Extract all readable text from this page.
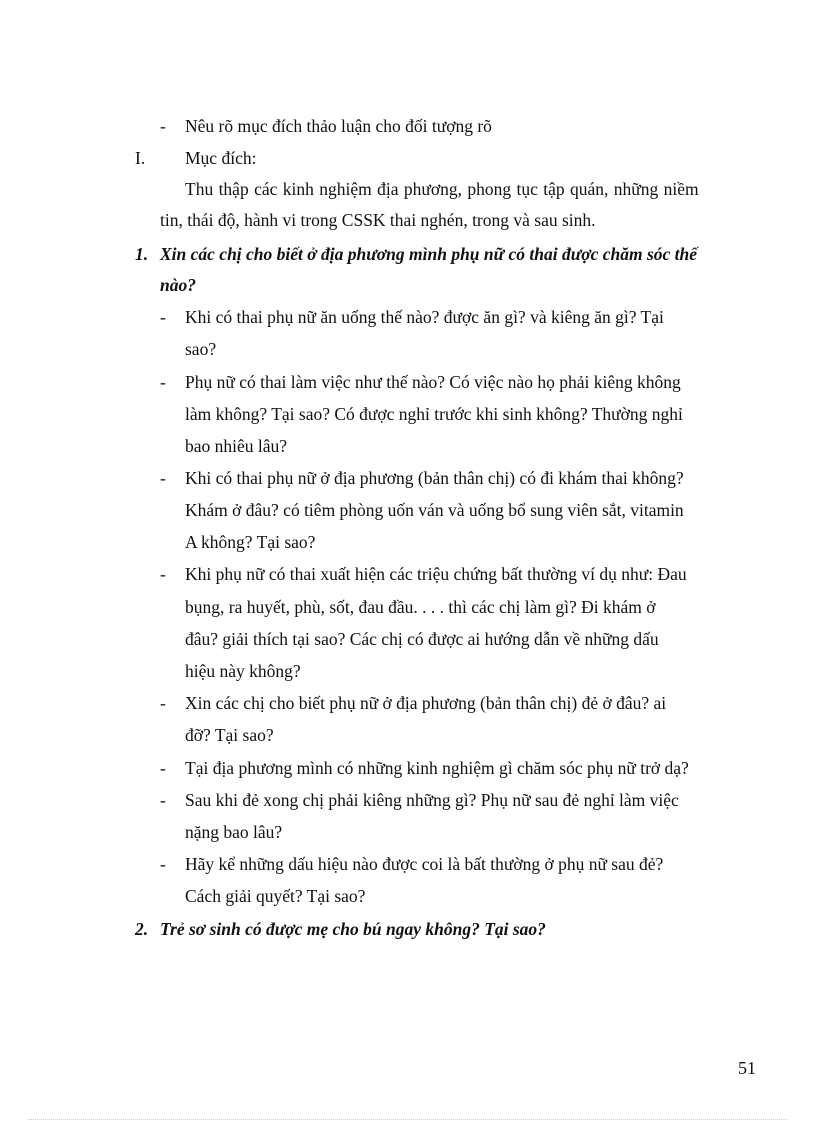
- Nêu rõ mục đích thảo luận cho đối tượng rõ
I. Mục đích:
Thu thập các kinh nghiệm địa phương, phong tục tập quán, những niềm
tin, thái độ, hành vi trong CSSK thai nghén, trong và sau sinh.
1. Xin các chị cho biết ở địa phương mình phụ nữ có thai được chăm sóc thế
nào?
- Khi có thai phụ nữ ăn uống thế nào? được ăn gì? và kiêng ăn gì? Tại
sao?
- Phụ nữ có thai làm việc như thế nào? Có việc nào họ phải kiêng không
làm không? Tại sao? Có được nghỉ trước khi sinh không? Thường nghỉ
bao nhiêu lâu?
- Khi có thai phụ nữ ở địa phương (bản thân chị) có đi khám thai không?
Khám ở đâu? có tiêm phòng uốn ván và uống bổ sung viên sắt, vitamin
A không? Tại sao?
- Khi phụ nữ có thai xuất hiện các triệu chứng bất thường ví dụ như: Đau
bụng, ra huyết, phù, sốt, đau đầu. . . . thì các chị làm gì? Đi khám ở
đâu? giải thích tại sao? Các chị có được ai hướng dẫn về những dấu
hiệu này không?
- Xin các chị cho biết phụ nữ ở địa phương (bản thân chị) đẻ ở đâu? ai
đỡ? Tại sao?
- Tại địa phương mình có những kinh nghiệm gì chăm sóc phụ nữ trở dạ?
- Sau khi đẻ xong chị phải kiêng những gì? Phụ nữ sau đẻ nghỉ làm việc
nặng bao lâu?
- Hãy kể những dấu hiệu nào được coi là bất thường ở phụ nữ sau đẻ?
Cách giải quyết? Tại sao?
2. Trẻ sơ sinh có được mẹ cho bú ngay không? Tại sao?
51
